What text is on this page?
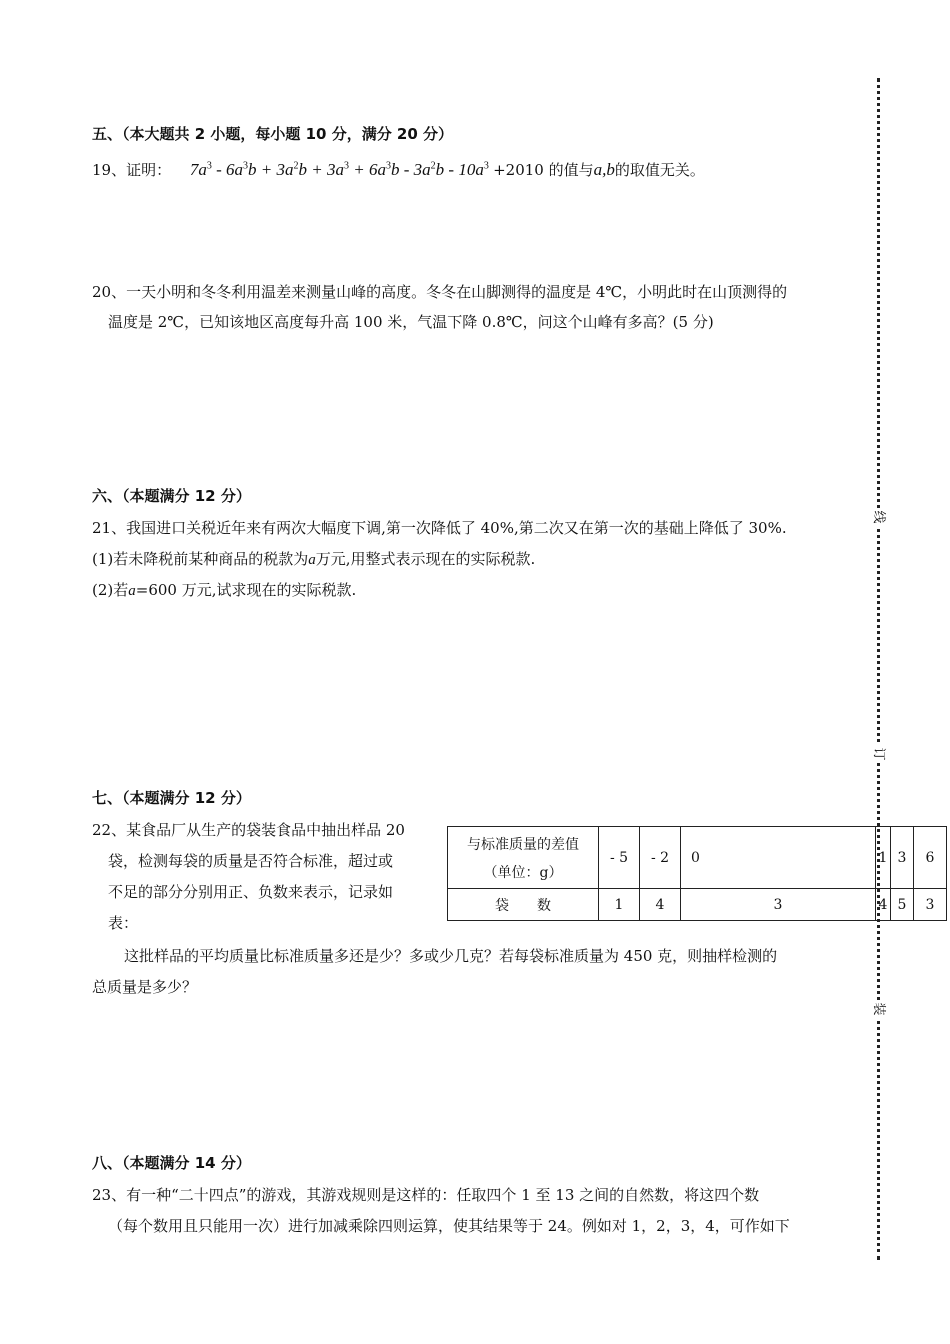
五、（本大题共 2 小题，每小题 10 分，满分 20 分）
19、证明： $7a^3 - 6a^3b + 3a^2b + 3a^3 + 6a^3b - 3a^2b - 10a^3 +2010$ 的值与a,b的取值无关。
20、一天小明和冬冬利用温差来测量山峰的高度。冬冬在山脚测得的温度是 4℃，小明此时在山顶测得的
温度是 2℃，已知该地区高度每升高 100 米，气温下降 0.8℃，问这个山峰有多高？(5 分)
六、（本题满分 12 分）
21、我国进口关税近年来有两次大幅度下调,第一次降低了 40%,第二次又在第一次的基础上降低了 30%.
(1)若未降税前某种商品的税款为a万元,用整式表示现在的实际税款.
(2)若a=600 万元,试求现在的实际税款.
七、（本题满分 12 分）
22、某食品厂从生产的袋装食品中抽出样品 20
袋，检测每袋的质量是否符合标准，超过或
不足的部分分别用正、负数来表示，记录如
表：
与标准质量的差值
（单位：g）	- 5	- 2	0	1	3	6
袋　　数	1	4	3	4	5	3
这批样品的平均质量比标准质量多还是少？多或少几克？若每袋标准质量为 450 克，则抽样检测的
总质量是多少？
八、（本题满分 14 分）
23、有一种“二十四点”的游戏，其游戏规则是这样的：任取四个 1 至 13 之间的自然数，将这四个数
（每个数用且只能用一次）进行加减乘除四则运算，使其结果等于 24。例如对 1，2，3，4，可作如下
线
订
装
